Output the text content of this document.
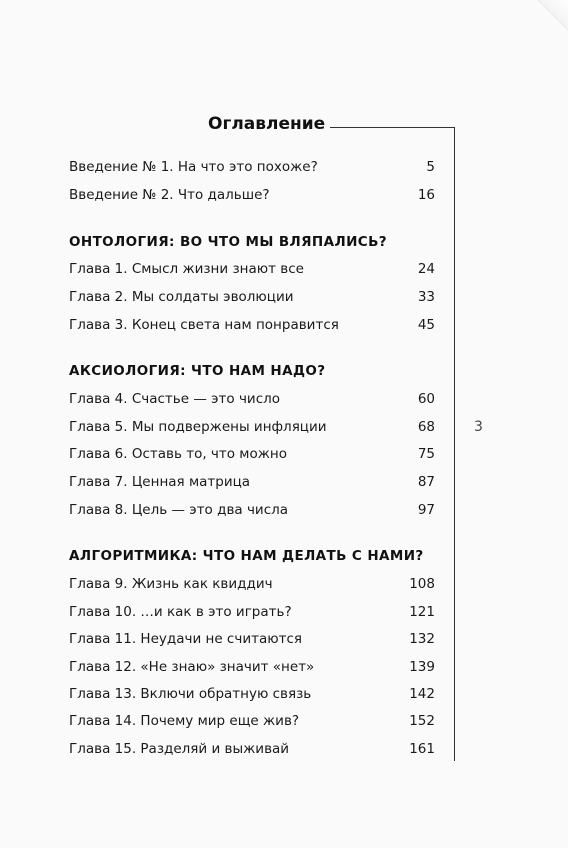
Оглавление
3
Введение № 1. На что это похоже?	5
Введение № 2. Что дальше?	16
ОНТОЛОГИЯ: ВО ЧТО МЫ ВЛЯПАЛИСЬ?
Глава 1. Смысл жизни знают все	24
Глава 2. Мы солдаты эволюции	33
Глава 3. Конец света нам понравится	45
АКСИОЛОГИЯ: ЧТО НАМ НАДО?
Глава 4. Счастье — это число	60
Глава 5. Мы подвержены инфляции	68
Глава 6. Оставь то, что можно	75
Глава 7. Ценная матрица	87
Глава 8. Цель — это два числа	97
АЛГОРИТМИКА: ЧТО НАМ ДЕЛАТЬ С НАМИ?
Глава 9. Жизнь как квиддич	108
Глава 10. …и как в это играть?	121
Глава 11. Неудачи не считаются	132
Глава 12. «Не знаю» значит «нет»	139
Глава 13. Включи обратную связь	142
Глава 14. Почему мир еще жив?	152
Глава 15. Разделяй и выживай	161
